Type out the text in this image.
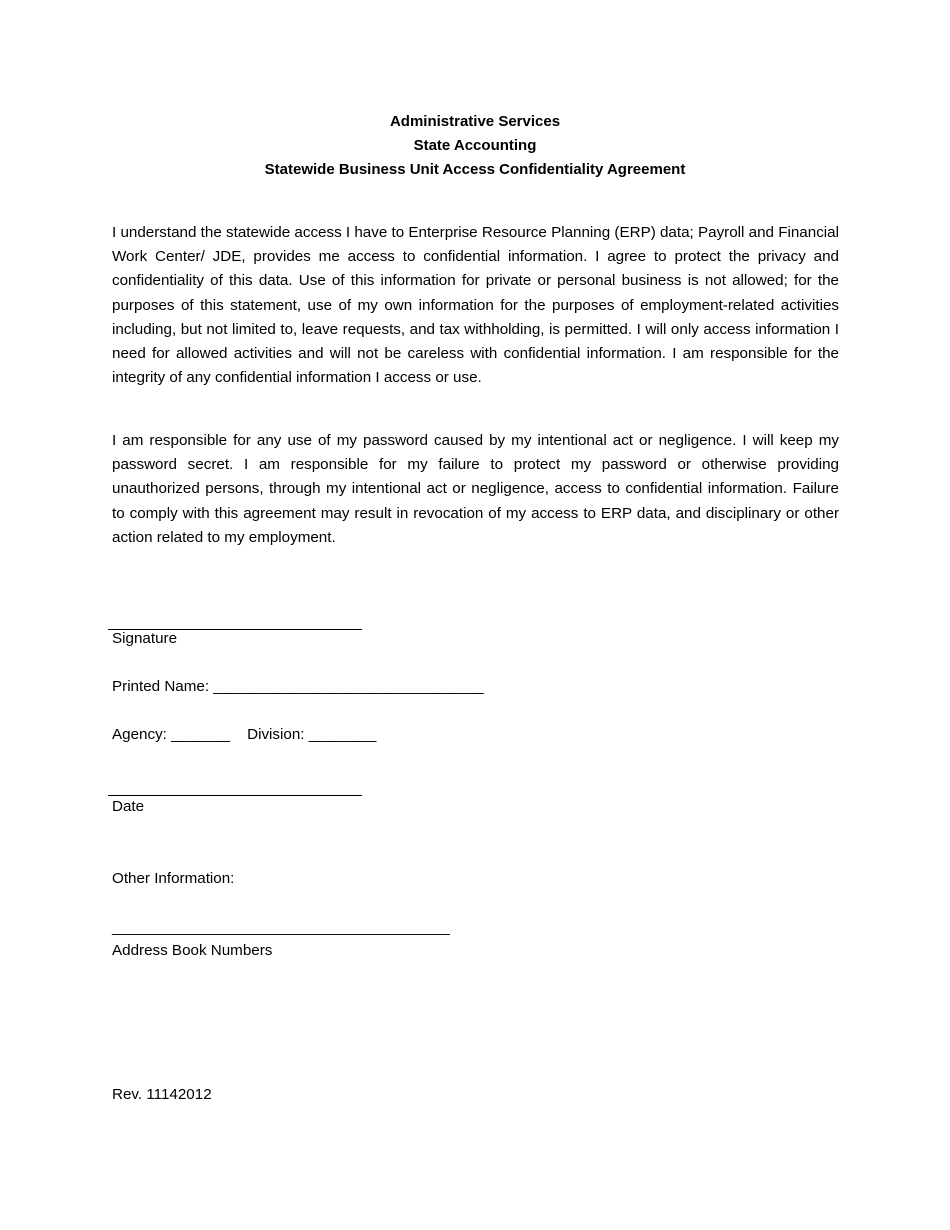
Administrative Services
State Accounting
Statewide Business Unit Access Confidentiality Agreement

I understand the statewide access I have to Enterprise Resource Planning (ERP) data; Payroll and Financial Work Center/ JDE, provides me access to confidential information. I agree to protect the privacy and confidentiality of this data. Use of this information for private or personal business is not allowed; for the purposes of this statement, use of my own information for the purposes of employment-related activities including, but not limited to, leave requests, and tax withholding, is permitted. I will only access information I need for allowed activities and will not be careless with confidential information. I am responsible for the integrity of any confidential information I access or use.

I am responsible for any use of my password caused by my intentional act or negligence. I will keep my password secret. I am responsible for my failure to protect my password or otherwise providing unauthorized persons, through my intentional act or negligence, access to confidential information. Failure to comply with this agreement may result in revocation of my access to ERP data, and disciplinary or other action related to my employment.

Signature
Printed Name: ________________________________
Agency: _______    Division: ________
Date
Other Information:
________________________________________
Address Book Numbers
Rev. 11142012
